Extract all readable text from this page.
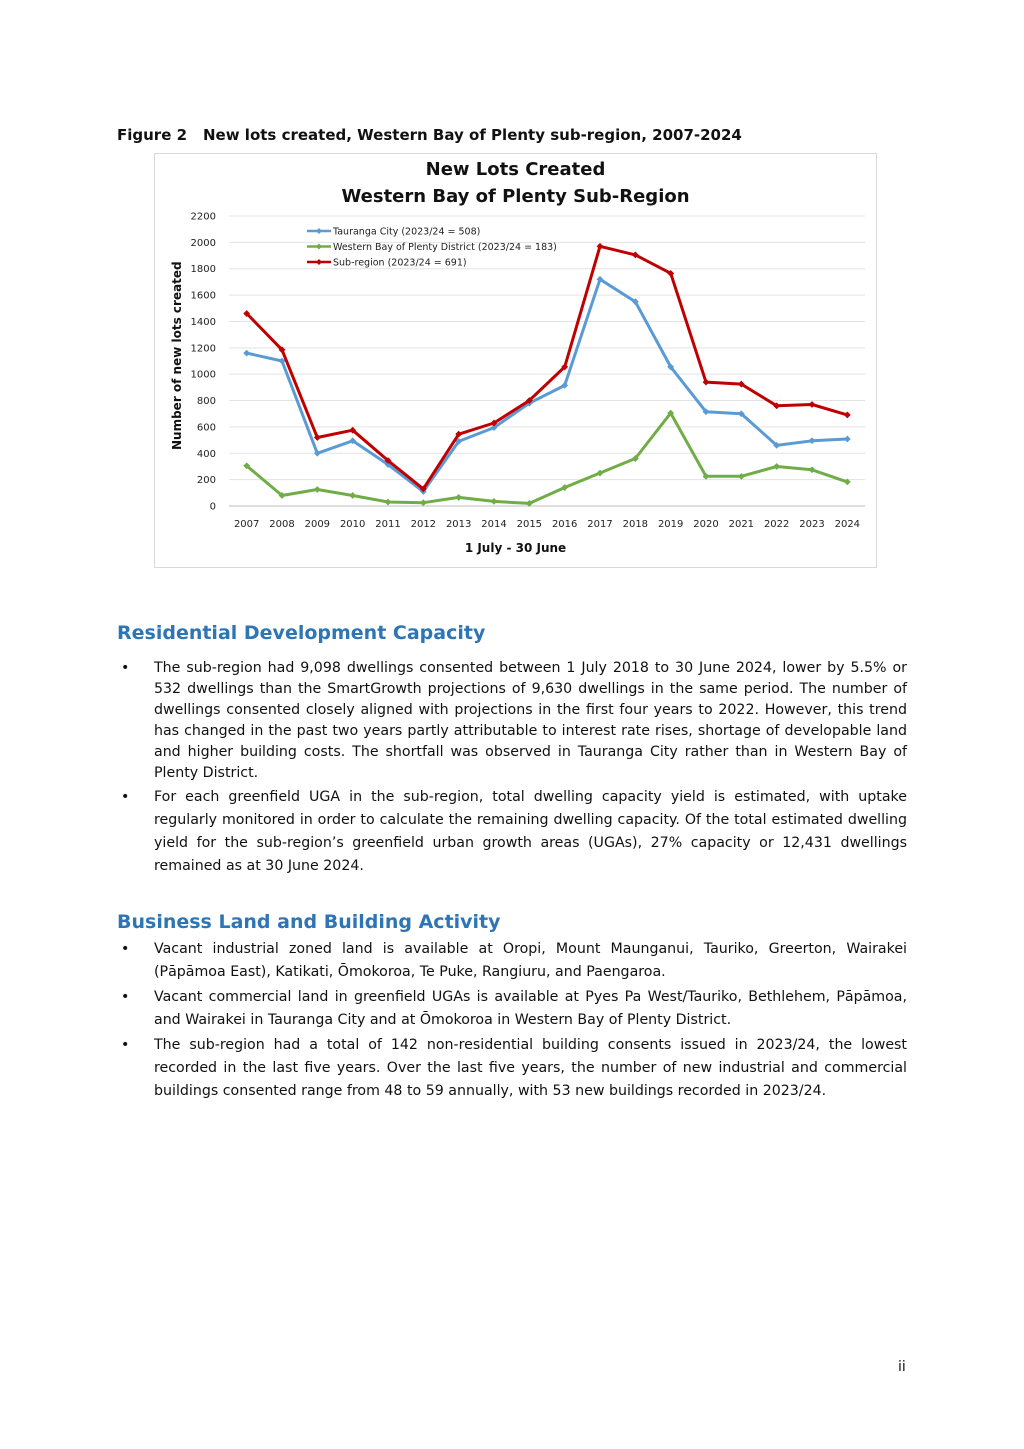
Figure 2 New lots created, Western Bay of Plenty sub-region, 2007-2024
New Lots Created
Western Bay of Plenty Sub-Region
0
200
400
600
800
1000
1200
1400
1600
1800
2000
2200
2007 2008 2009 2010 2011 2012 2013 2014 2015 2016 2017 2018 2019 2020 2021 2022 2023 2024
Tauranga City (2023/24 = 508)
Western Bay of Plenty District (2023/24 = 183)
Sub-region (2023/24 = 691)
1 July - 30 June
Number of new lots created
Residential Development Capacity
• The sub-region had 9,098 dwellings consented between 1 July 2018 to 30 June 2024, lower by 5.5% or 532 dwellings than the SmartGrowth projections of 9,630 dwellings in the same period. The number of dwellings consented closely aligned with projections in the first four years to 2022. However, this trend has changed in the past two years partly attributable to interest rate rises, shortage of developable land and higher building costs. The shortfall was observed in Tauranga City rather than in Western Bay of Plenty District.
• For each greenfield UGA in the sub-region, total dwelling capacity yield is estimated, with uptake regularly monitored in order to calculate the remaining dwelling capacity. Of the total estimated dwelling yield for the sub-region’s greenfield urban growth areas (UGAs), 27% capacity or 12,431 dwellings remained as at 30 June 2024.
Business Land and Building Activity
• Vacant industrial zoned land is available at Oropi, Mount Maunganui, Tauriko, Greerton, Wairakei (Pāpāmoa East), Katikati, Ōmokoroa, Te Puke, Rangiuru, and Paengaroa.
• Vacant commercial land in greenfield UGAs is available at Pyes Pa West/Tauriko, Bethlehem, Pāpāmoa, and Wairakei in Tauranga City and at Ōmokoroa in Western Bay of Plenty District.
• The sub-region had a total of 142 non-residential building consents issued in 2023/24, the lowest recorded in the last five years. Over the last five years, the number of new industrial and commercial buildings consented range from 48 to 59 annually, with 53 new buildings recorded in 2023/24.
ii
